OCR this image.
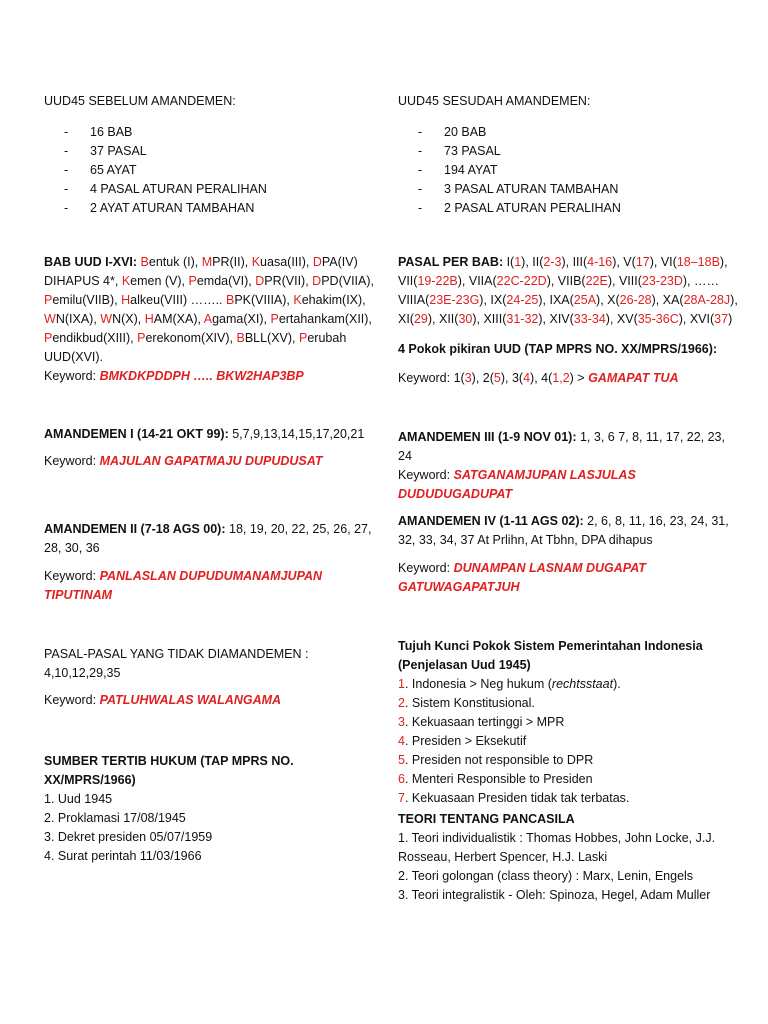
UUD45 SEBELUM AMANDEMEN:
- 16 BAB
- 37 PASAL
- 65 AYAT
- 4 PASAL ATURAN PERALIHAN
- 2 AYAT ATURAN TAMBAHAN
BAB UUD I-XVI: Bentuk (I), MPR(II), Kuasa(III), DPA(IV)
DIHAPUS 4*, Kemen (V), Pemda(VI), DPR(VII), DPD(VIIA),
Pemilu(VIIB), Halkeu(VIII) …….. BPK(VIIIA), Kehakim(IX),
WN(IXA), WN(X), HAM(XA), Agama(XI), Pertahankam(XII),
Pendikbud(XIII), Perekonom(XIV), BBLL(XV), Perubah
UUD(XVI).
Keyword: BMKDKPDDPH ….. BKW2HAP3BP
AMANDEMEN I (14-21 OKT 99): 5,7,9,13,14,15,17,20,21
Keyword: MAJULAN GAPATMAJU DUPUDUSAT
AMANDEMEN II (7-18 AGS 00): 18, 19, 20, 22, 25, 26, 27,
28, 30, 36
Keyword: PANLASLAN DUPUDUMANAMJUPAN
TIPUTINAM
PASAL-PASAL YANG TIDAK DIAMANDEMEN :
4,10,12,29,35
Keyword: PATLUHWALAS WALANGAMA
SUMBER TERTIB HUKUM (TAP MPRS NO.
XX/MPRS/1966)
1. Uud 1945
2. Proklamasi 17/08/1945
3. Dekret presiden 05/07/1959
4. Surat perintah 11/03/1966
UUD45 SESUDAH AMANDEMEN:
- 20 BAB
- 73 PASAL
- 194 AYAT
- 3 PASAL ATURAN TAMBAHAN
- 2 PASAL ATURAN PERALIHAN
PASAL PER BAB: I(1), II(2-3), III(4-16), V(17), VI(18–18B),
VII(19-22B), VIIA(22C-22D), VIIB(22E), VIII(23-23D), ……
VIIIA(23E-23G), IX(24-25), IXA(25A), X(26-28), XA(28A-28J),
XI(29), XII(30), XIII(31-32), XIV(33-34), XV(35-36C), XVI(37)
4 Pokok pikiran UUD (TAP MPRS NO. XX/MPRS/1966):
Keyword: 1(3), 2(5), 3(4), 4(1,2) > GAMAPAT TUA
AMANDEMEN III (1-9 NOV 01): 1, 3, 6 7, 8, 11, 17, 22, 23,
24
Keyword: SATGANAMJUPAN LASJULAS
DUDUDUGADUPAT
AMANDEMEN IV (1-11 AGS 02): 2, 6, 8, 11, 16, 23, 24, 31,
32, 33, 34, 37 At Prlihn, At Tbhn, DPA dihapus
Keyword: DUNAMPAN LASNAM DUGAPAT
GATUWAGAPATJUH
Tujuh Kunci Pokok Sistem Pemerintahan Indonesia
(Penjelasan Uud 1945)
1. Indonesia > Neg hukum (rechtsstaat).
2. Sistem Konstitusional.
3. Kekuasaan tertinggi > MPR
4. Presiden > Eksekutif
5. Presiden not responsible to DPR
6. Menteri Responsible to Presiden
7. Kekuasaan Presiden tidak tak terbatas.
TEORI TENTANG PANCASILA
1. Teori individualistik : Thomas Hobbes, John Locke, J.J.
Rosseau, Herbert Spencer, H.J. Laski
2. Teori golongan (class theory) : Marx, Lenin, Engels
3. Teori integralistik - Oleh: Spinoza, Hegel, Adam Muller
